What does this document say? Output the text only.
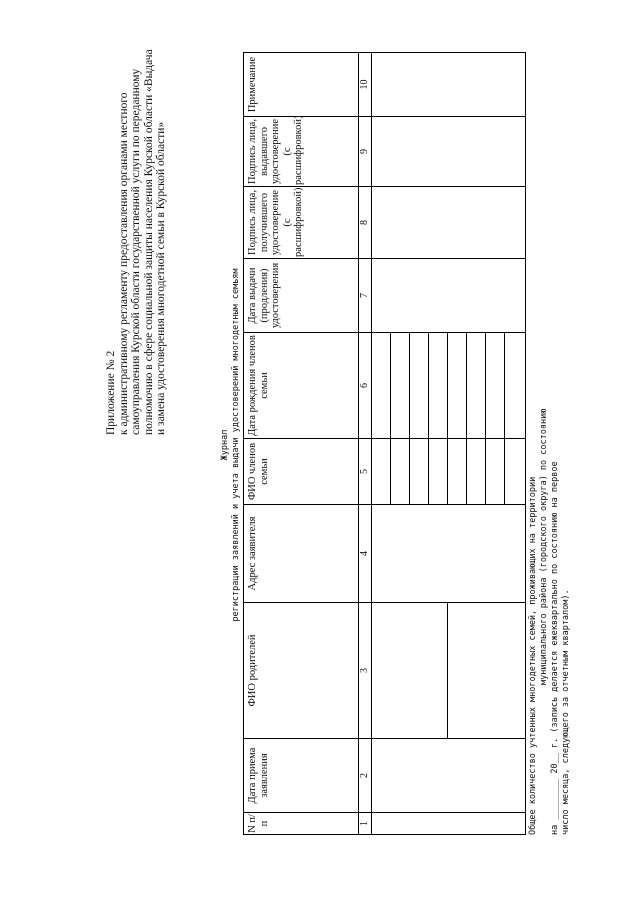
Приложение № 2 к административному регламенту предоставления органами местного самоуправления Курской области государственной услуги по переданному полномочию в сфере социальной защиты населения Курской области «Выдача и замена удостоверения многодетной семьи в Курской области»
Журнал регистрации заявлений и учета выдачи удостоверений многодетным семьям
N п/п	Дата приема заявления	ФИО родителей	Адрес заявителя	ФИО членов семьи	Дата рождения членов семьи	Дата выдачи (продления) удостоверения	Подпись лица, получившего удостоверение (с расшифровкой)	Подпись лица, выдавшего удостоверение (с расшифровкой)	Примечание
1	2	3	4	5	6	7	8	9	10

Общее количество учтенных многодетных семей, проживающих на территории муниципального района (городского округа) по состоянию на ________ 20__ г. (запись делается ежеквартально по состоянию на первое число месяца, следующего за отчетным кварталом).
